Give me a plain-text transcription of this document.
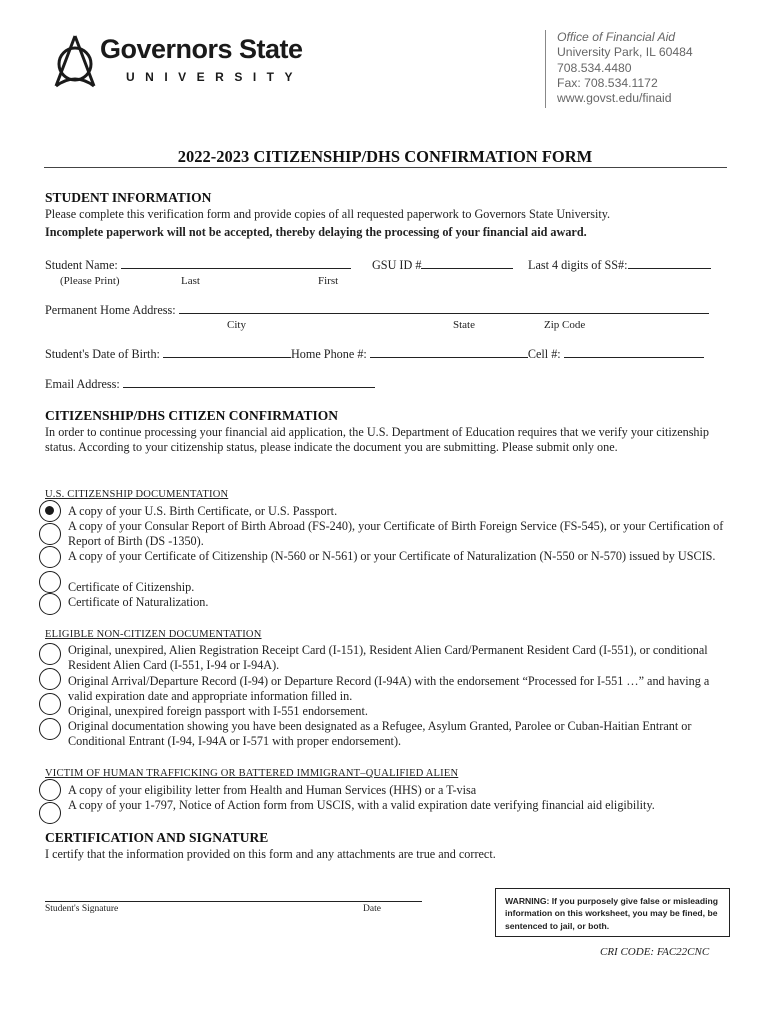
Governors State
UNIVERSITY
Office of Financial Aid
University Park, IL 60484
708.534.4480
Fax: 708.534.1172
www.govst.edu/finaid
2022-2023 CITIZENSHIP/DHS CONFIRMATION FORM
STUDENT INFORMATION
Please complete this verification form and provide copies of all requested paperwork to Governors State University.
Incomplete paperwork will not be accepted, thereby delaying the processing of your financial aid award.
Student Name:	GSU ID #	Last 4 digits of SS#:
(Please Print)	Last	First
Permanent Home Address:
City	State	Zip Code
Student's Date of Birth:	Home Phone #:	Cell #:
Email Address:
CITIZENSHIP/DHS CITIZEN CONFIRMATION
In order to continue processing your financial aid application, the U.S. Department of Education requires that we verify your citizenship status. According to your citizenship status, please indicate the document you are submitting. Please submit only one.
U.S. CITIZENSHIP DOCUMENTATION
A copy of your U.S. Birth Certificate, or U.S. Passport.
A copy of your Consular Report of Birth Abroad (FS-240), your Certificate of Birth Foreign Service (FS-545), or your Certification of Report of Birth (DS -1350).
A copy of your Certificate of Citizenship (N-560 or N-561) or your Certificate of Naturalization (N-550 or N-570) issued by USCIS.
Certificate of Citizenship.
Certificate of Naturalization.
ELIGIBLE NON-CITIZEN DOCUMENTATION
Original, unexpired, Alien Registration Receipt Card (I-151), Resident Alien Card/Permanent Resident Card (I-551), or conditional Resident Alien Card (I-551, I-94 or I-94A).
Original Arrival/Departure Record (I-94) or Departure Record (I-94A) with the endorsement “Processed for I-551 …” and having a valid expiration date and appropriate information filled in.
Original, unexpired foreign passport with I-551 endorsement.
Original documentation showing you have been designated as a Refugee, Asylum Granted, Parolee or Cuban-Haitian Entrant or Conditional Entrant (I-94, I-94A or I-571 with proper endorsement).
VICTIM OF HUMAN TRAFFICKING OR BATTERED IMMIGRANT–QUALIFIED ALIEN
A copy of your eligibility letter from Health and Human Services (HHS) or a T-visa
A copy of your 1-797, Notice of Action form from USCIS, with a valid expiration date verifying financial aid eligibility.
CERTIFICATION AND SIGNATURE
I certify that the information provided on this form and any attachments are true and correct.
Student's Signature	Date
WARNING: If you purposely give false or misleading information on this worksheet, you may be fined, be sentenced to jail, or both.
CRI CODE: FAC22CNC
